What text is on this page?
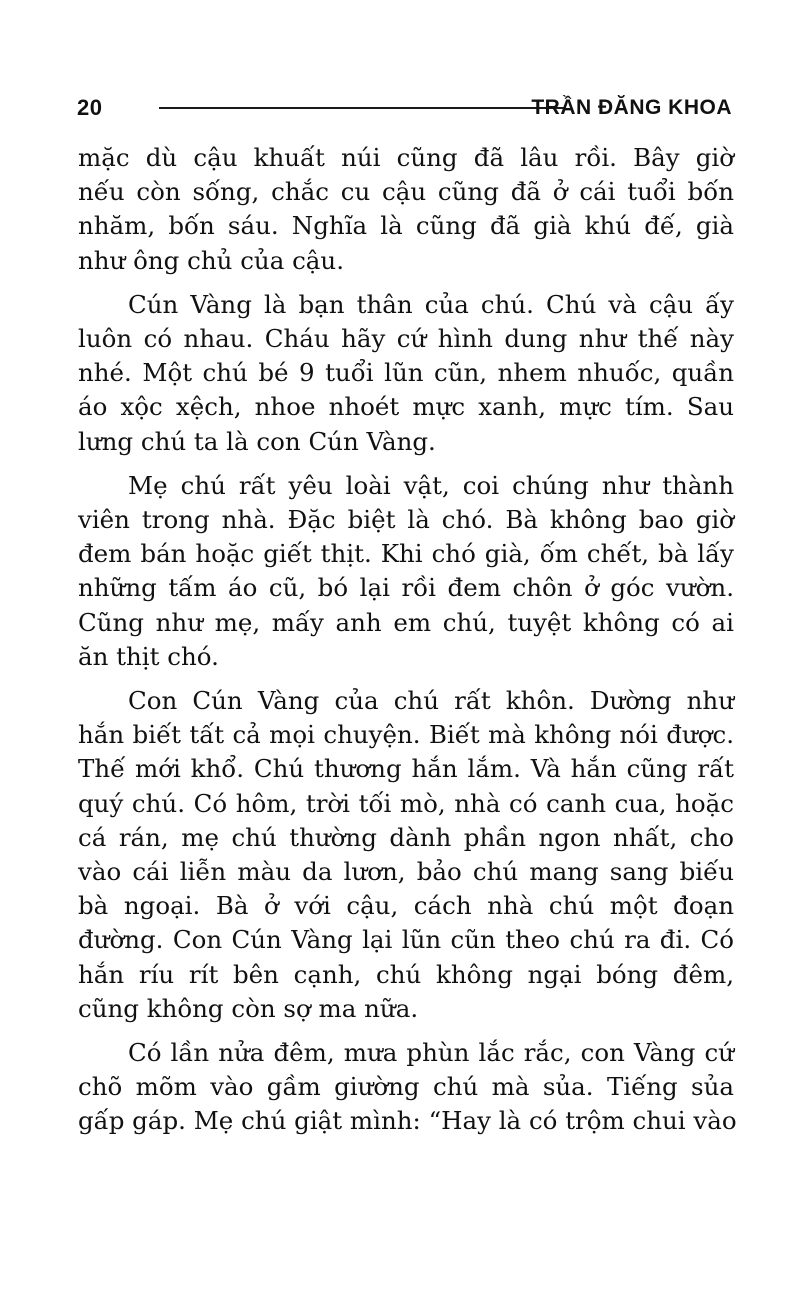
20	TRẦN ĐĂNG KHOA
mặc dù cậu khuất núi cũng đã lâu rồi. Bây giờ
nếu còn sống, chắc cu cậu cũng đã ở cái tuổi bốn
nhăm, bốn sáu. Nghĩa là cũng đã già khú đế, già
như ông chủ của cậu.
Cún Vàng là bạn thân của chú. Chú và cậu ấy
luôn có nhau. Cháu hãy cứ hình dung như thế này
nhé. Một chú bé 9 tuổi lũn cũn, nhem nhuốc, quần
áo xộc xệch, nhoe nhoét mực xanh, mực tím. Sau
lưng chú ta là con Cún Vàng.
Mẹ chú rất yêu loài vật, coi chúng như thành
viên trong nhà. Đặc biệt là chó. Bà không bao giờ
đem bán hoặc giết thịt. Khi chó già, ốm chết, bà lấy
những tấm áo cũ, bó lại rồi đem chôn ở góc vườn.
Cũng như mẹ, mấy anh em chú, tuyệt không có ai
ăn thịt chó.
Con Cún Vàng của chú rất khôn. Dường như
hắn biết tất cả mọi chuyện. Biết mà không nói được.
Thế mới khổ. Chú thương hắn lắm. Và hắn cũng rất
quý chú. Có hôm, trời tối mò, nhà có canh cua, hoặc
cá rán, mẹ chú thường dành phần ngon nhất, cho
vào cái liễn màu da lươn, bảo chú mang sang biếu
bà ngoại. Bà ở với cậu, cách nhà chú một đoạn
đường. Con Cún Vàng lại lũn cũn theo chú ra đi. Có
hắn ríu rít bên cạnh, chú không ngại bóng đêm,
cũng không còn sợ ma nữa.
Có lần nửa đêm, mưa phùn lắc rắc, con Vàng cứ
chõ mõm vào gầm giường chú mà sủa. Tiếng sủa
gấp gáp. Mẹ chú giật mình: “Hay là có trộm chui vào
